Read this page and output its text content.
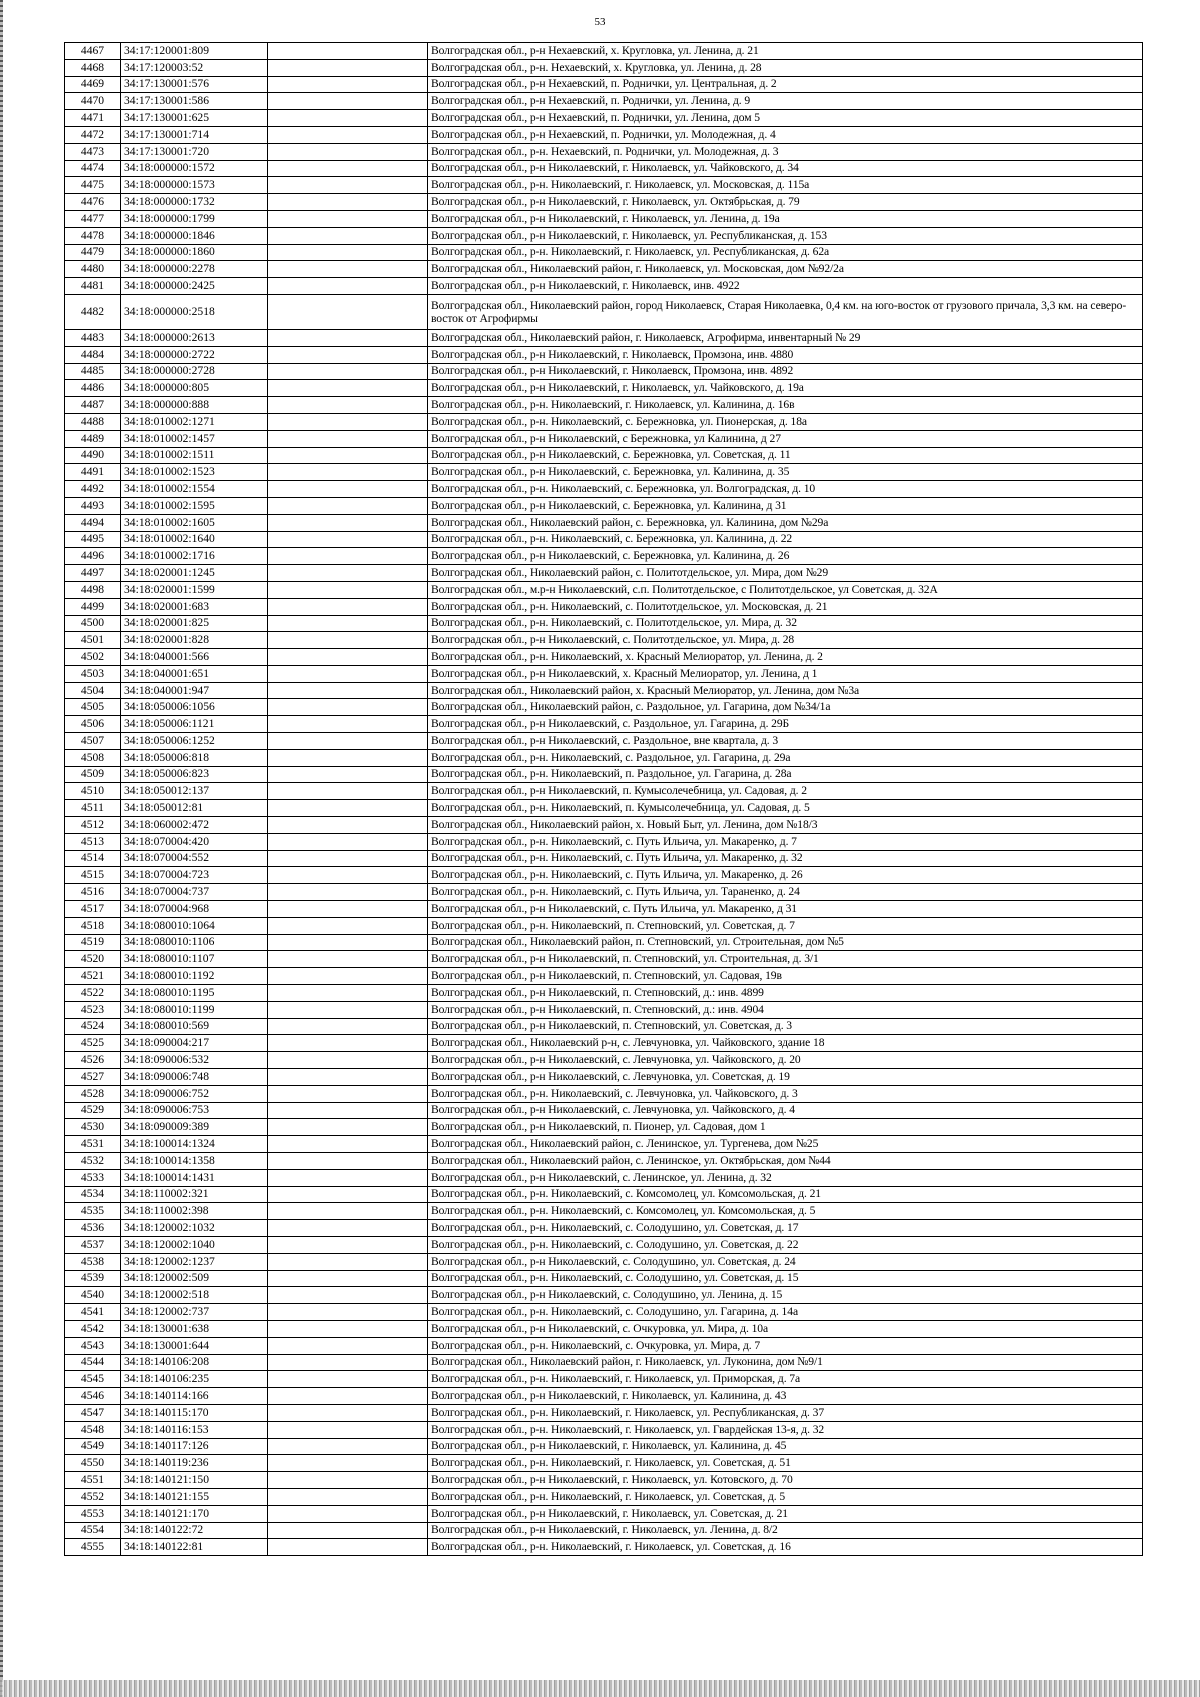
53
4467	34:17:120001:809		Волгоградская обл., р-н Нехаевский, х. Кругловка, ул. Ленина, д. 21
4468	34:17:120003:52		Волгоградская обл., р-н. Нехаевский, х. Кругловка, ул. Ленина, д. 28
4469	34:17:130001:576		Волгоградская обл., р-н Нехаевский, п. Роднички, ул. Центральная, д. 2
4470	34:17:130001:586		Волгоградская обл., р-н Нехаевский, п. Роднички, ул. Ленина, д. 9
4471	34:17:130001:625		Волгоградская обл., р-н Нехаевский, п. Роднички, ул. Ленина, дом 5
4472	34:17:130001:714		Волгоградская обл., р-н Нехаевский, п. Роднички, ул. Молодежная, д. 4
4473	34:17:130001:720		Волгоградская обл., р-н. Нехаевский, п. Роднички, ул. Молодежная, д. 3
4474	34:18:000000:1572		Волгоградская обл., р-н Николаевский, г. Николаевск, ул. Чайковского, д. 34
4475	34:18:000000:1573		Волгоградская обл., р-н. Николаевский, г. Николаевск, ул. Московская, д. 115а
4476	34:18:000000:1732		Волгоградская обл., р-н Николаевский, г. Николаевск, ул. Октябрьская, д. 79
4477	34:18:000000:1799		Волгоградская обл., р-н Николаевский, г. Николаевск, ул. Ленина, д. 19а
4478	34:18:000000:1846		Волгоградская обл., р-н Николаевский, г. Николаевск, ул. Республиканская, д. 153
4479	34:18:000000:1860		Волгоградская обл., р-н. Николаевский, г. Николаевск, ул. Республиканская, д. 62а
4480	34:18:000000:2278		Волгоградская обл., Николаевский район, г. Николаевск, ул. Московская, дом №92/2а
4481	34:18:000000:2425		Волгоградская обл., р-н Николаевский, г. Николаевск, инв. 4922
4482	34:18:000000:2518		Волгоградская обл., Николаевский район, город Николаевск, Старая Николаевка, 0,4 км. на юго-восток от грузового причала, 3,3 км. на северо-восток от Агрофирмы
4483	34:18:000000:2613		Волгоградская обл., Николаевский район, г. Николаевск, Агрофирма, инвентарный № 29
4484	34:18:000000:2722		Волгоградская обл., р-н Николаевский, г. Николаевск, Промзона, инв. 4880
4485	34:18:000000:2728		Волгоградская обл., р-н Николаевский, г. Николаевск, Промзона, инв. 4892
4486	34:18:000000:805		Волгоградская обл., р-н Николаевский, г. Николаевск, ул. Чайковского, д. 19а
4487	34:18:000000:888		Волгоградская обл., р-н. Николаевский, г. Николаевск, ул. Калинина, д. 16в
4488	34:18:010002:1271		Волгоградская обл., р-н. Николаевский, с. Бережновка, ул. Пионерская, д. 18а
4489	34:18:010002:1457		Волгоградская обл., р-н Николаевский, с Бережновка, ул Калинина, д 27
4490	34:18:010002:1511		Волгоградская обл., р-н Николаевский, с. Бережновка, ул. Советская, д. 11
4491	34:18:010002:1523		Волгоградская обл., р-н Николаевский, с. Бережновка, ул. Калинина, д. 35
4492	34:18:010002:1554		Волгоградская обл., р-н. Николаевский, с. Бережновка, ул. Волгоградская, д. 10
4493	34:18:010002:1595		Волгоградская обл., р-н Николаевский, с. Бережновка, ул. Калинина, д 31
4494	34:18:010002:1605		Волгоградская обл., Николаевский район, с. Бережновка, ул. Калинина, дом №29а
4495	34:18:010002:1640		Волгоградская обл., р-н. Николаевский, с. Бережновка, ул. Калинина, д. 22
4496	34:18:010002:1716		Волгоградская обл., р-н Николаевский, с. Бережновка, ул. Калинина, д. 26
4497	34:18:020001:1245		Волгоградская обл., Николаевский район, с. Политотдельское, ул. Мира, дом №29
4498	34:18:020001:1599		Волгоградская обл., м.р-н Николаевский, с.п. Политотдельское, с Политотдельское, ул Советская, д. 32А
4499	34:18:020001:683		Волгоградская обл., р-н. Николаевский, с. Политотдельское, ул. Московская, д. 21
4500	34:18:020001:825		Волгоградская обл., р-н. Николаевский, с. Политотдельское, ул. Мира, д. 32
4501	34:18:020001:828		Волгоградская обл., р-н Николаевский, с. Политотдельское, ул. Мира, д. 28
4502	34:18:040001:566		Волгоградская обл., р-н. Николаевский, х. Красный Мелиоратор, ул. Ленина, д. 2
4503	34:18:040001:651		Волгоградская обл., р-н Николаевский, х. Красный Мелиоратор, ул. Ленина, д 1
4504	34:18:040001:947		Волгоградская обл., Николаевский район, х. Красный Мелиоратор, ул. Ленина, дом №3а
4505	34:18:050006:1056		Волгоградская обл., Николаевский район, с. Раздольное, ул. Гагарина, дом №34/1а
4506	34:18:050006:1121		Волгоградская обл., р-н Николаевский, с. Раздольное, ул. Гагарина, д. 29Б
4507	34:18:050006:1252		Волгоградская обл., р-н Николаевский, с. Раздольное, вне квартала, д. 3
4508	34:18:050006:818		Волгоградская обл., р-н. Николаевский, с. Раздольное, ул. Гагарина, д. 29а
4509	34:18:050006:823		Волгоградская обл., р-н. Николаевский, п. Раздольное, ул. Гагарина, д. 28а
4510	34:18:050012:137		Волгоградская обл., р-н Николаевский, п. Кумысолечебница, ул. Садовая, д. 2
4511	34:18:050012:81		Волгоградская обл., р-н. Николаевский, п. Кумысолечебница, ул. Садовая, д. 5
4512	34:18:060002:472		Волгоградская обл., Николаевский район, х. Новый Быт, ул. Ленина, дом №18/3
4513	34:18:070004:420		Волгоградская обл., р-н. Николаевский, с. Путь Ильича, ул. Макаренко, д. 7
4514	34:18:070004:552		Волгоградская обл., р-н. Николаевский, с. Путь Ильича, ул. Макаренко, д. 32
4515	34:18:070004:723		Волгоградская обл., р-н. Николаевский, с. Путь Ильича, ул. Макаренко, д. 26
4516	34:18:070004:737		Волгоградская обл., р-н. Николаевский, с. Путь Ильича, ул. Тараненко, д. 24
4517	34:18:070004:968		Волгоградская обл., р-н Николаевский, с. Путь Ильича, ул. Макаренко, д 31
4518	34:18:080010:1064		Волгоградская обл., р-н. Николаевский, п. Степновский, ул. Советская, д. 7
4519	34:18:080010:1106		Волгоградская обл., Николаевский район, п. Степновский, ул. Строительная, дом №5
4520	34:18:080010:1107		Волгоградская обл., р-н Николаевский, п. Степновский, ул. Строительная, д. 3/1
4521	34:18:080010:1192		Волгоградская обл., р-н Николаевский, п. Степновский, ул. Садовая, 19в
4522	34:18:080010:1195		Волгоградская обл., р-н Николаевский, п. Степновский, д.: инв. 4899
4523	34:18:080010:1199		Волгоградская обл., р-н Николаевский, п. Степновский, д.: инв. 4904
4524	34:18:080010:569		Волгоградская обл., р-н Николаевский, п. Степновский, ул. Советская, д. 3
4525	34:18:090004:217		Волгоградская обл., Николаевский р-н, с. Левчуновка, ул. Чайковского, здание 18
4526	34:18:090006:532		Волгоградская обл., р-н Николаевский, с. Левчуновка, ул. Чайковского, д. 20
4527	34:18:090006:748		Волгоградская обл., р-н Николаевский, с. Левчуновка, ул. Советская, д. 19
4528	34:18:090006:752		Волгоградская обл., р-н. Николаевский, с. Левчуновка, ул. Чайковского, д. 3
4529	34:18:090006:753		Волгоградская обл., р-н Николаевский, с. Левчуновка, ул. Чайковского, д. 4
4530	34:18:090009:389		Волгоградская обл., р-н Николаевский, п. Пионер, ул. Садовая, дом 1
4531	34:18:100014:1324		Волгоградская обл., Николаевский район, с. Ленинское, ул. Тургенева, дом №25
4532	34:18:100014:1358		Волгоградская обл., Николаевский район, с. Ленинское, ул. Октябрьская, дом №44
4533	34:18:100014:1431		Волгоградская обл., р-н Николаевский, с. Ленинское, ул. Ленина, д. 32
4534	34:18:110002:321		Волгоградская обл., р-н. Николаевский, с. Комсомолец, ул. Комсомольская, д. 21
4535	34:18:110002:398		Волгоградская обл., р-н. Николаевский, с. Комсомолец, ул. Комсомольская, д. 5
4536	34:18:120002:1032		Волгоградская обл., р-н. Николаевский, с. Солодушино, ул. Советская, д. 17
4537	34:18:120002:1040		Волгоградская обл., р-н. Николаевский, с. Солодушино, ул. Советская, д. 22
4538	34:18:120002:1237		Волгоградская обл., р-н Николаевский, с. Солодушино, ул. Советская, д. 24
4539	34:18:120002:509		Волгоградская обл., р-н. Николаевский, с. Солодушино, ул. Советская, д. 15
4540	34:18:120002:518		Волгоградская обл., р-н Николаевский, с. Солодушино, ул. Ленина, д. 15
4541	34:18:120002:737		Волгоградская обл., р-н. Николаевский, с. Солодушино, ул. Гагарина, д. 14а
4542	34:18:130001:638		Волгоградская обл., р-н Николаевский, с. Очкуровка, ул. Мира, д. 10а
4543	34:18:130001:644		Волгоградская обл., р-н. Николаевский, с. Очкуровка, ул. Мира, д. 7
4544	34:18:140106:208		Волгоградская обл., Николаевский район, г. Николаевск, ул. Луконина, дом №9/1
4545	34:18:140106:235		Волгоградская обл., р-н. Николаевский, г. Николаевск, ул. Приморская, д. 7а
4546	34:18:140114:166		Волгоградская обл., р-н Николаевский, г. Николаевск, ул. Калинина, д. 43
4547	34:18:140115:170		Волгоградская обл., р-н. Николаевский, г. Николаевск, ул. Республиканская, д. 37
4548	34:18:140116:153		Волгоградская обл., р-н. Николаевский, г. Николаевск, ул. Гвардейская 13-я, д. 32
4549	34:18:140117:126		Волгоградская обл., р-н Николаевский, г. Николаевск, ул. Калинина, д. 45
4550	34:18:140119:236		Волгоградская обл., р-н. Николаевский, г. Николаевск, ул. Советская, д. 51
4551	34:18:140121:150		Волгоградская обл., р-н Николаевский, г. Николаевск, ул. Котовского, д. 70
4552	34:18:140121:155		Волгоградская обл., р-н. Николаевский, г. Николаевск, ул. Советская, д. 5
4553	34:18:140121:170		Волгоградская обл., р-н Николаевский, г. Николаевск, ул. Советская, д. 21
4554	34:18:140122:72		Волгоградская обл., р-н Николаевский, г. Николаевск, ул. Ленина, д. 8/2
4555	34:18:140122:81		Волгоградская обл., р-н. Николаевский, г. Николаевск, ул. Советская, д. 16
